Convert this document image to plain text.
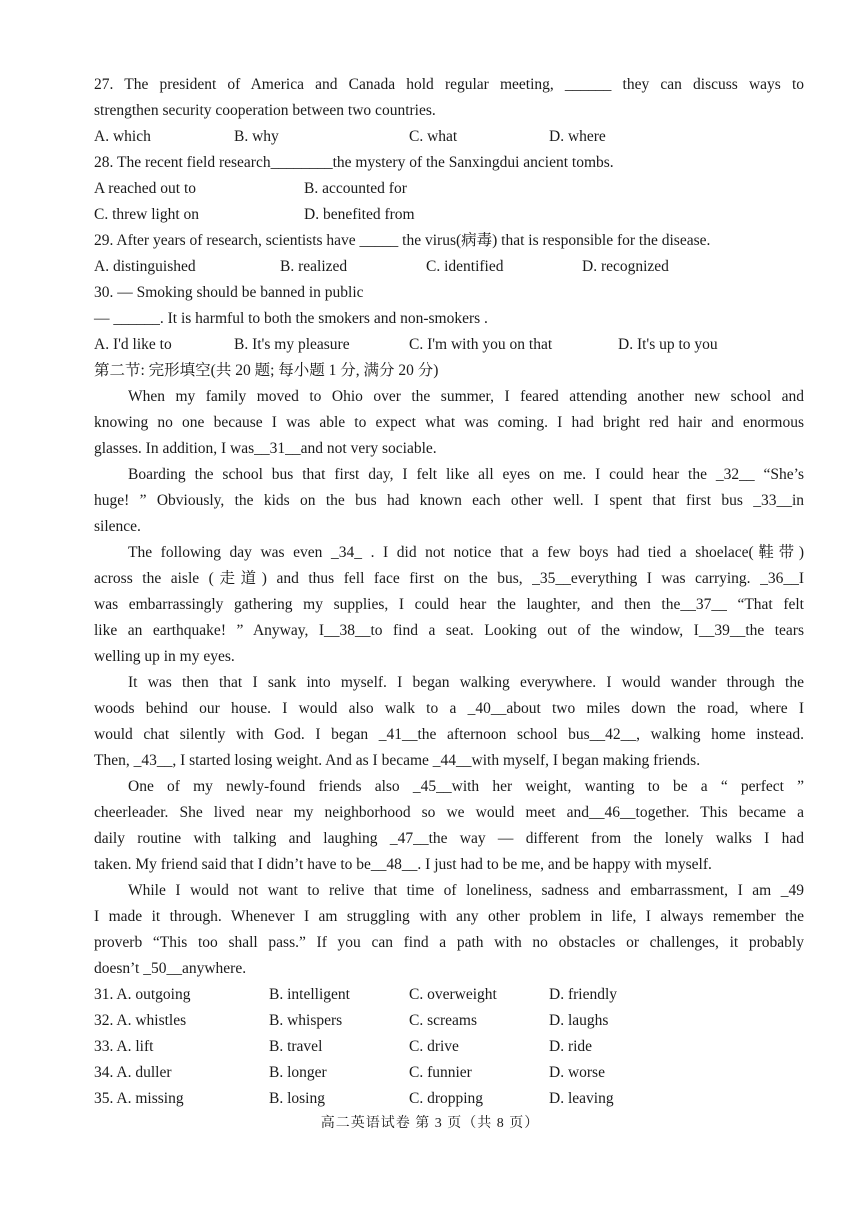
27. The president of America and Canada hold regular meeting, ______ they can discuss ways to
strengthen security cooperation between two countries.
A. which	B. why	C. what	D. where
28. The recent field research________the mystery of the Sanxingdui ancient tombs.
A reached out to	B. accounted for
C. threw light on	D. benefited from
29. After years of research, scientists have _____ the virus(病毒) that is responsible for the disease.
A. distinguished	B. realized	C. identified	D. recognized
30. — Smoking should be banned in public
— ______. It is harmful to both the smokers and non-smokers .
A. I'd like to	B. It's my pleasure	C. I'm with you on that	D. It's up to you
第二节: 完形填空(共 20 题; 每小题 1 分, 满分 20 分)
When my family moved to Ohio over the summer, I feared attending another new school and
knowing no one because I was able to expect what was coming. I had bright red hair and enormous
glasses. In addition, I was__31__and not very sociable.
Boarding the school bus that first day, I felt like all eyes on me. I could hear the _32__ “She’s
huge! ” Obviously, the kids on the bus had known each other well. I spent that first bus _33__in
silence.
The following day was even _34_ . I did not notice that a few boys had tied a shoelace(鞋带)
across the aisle (走道) and thus fell face first on the bus, _35__everything I was carrying. _36__I
was embarrassingly gathering my supplies, I could hear the laughter, and then the__37__ “That felt
like an earthquake! ” Anyway, I__38__to find a seat. Looking out of the window, I__39__the tears
welling up in my eyes.
It was then that I sank into myself. I began walking everywhere. I would wander through the
woods behind our house. I would also walk to a _40__about two miles down the road, where I
would chat silently with God. I began _41__the afternoon school bus__42__, walking home instead.
Then, _43__, I started losing weight. And as I became _44__with myself, I began making friends.
One of my newly-found friends also _45__with her weight, wanting to be a “ perfect ”
cheerleader. She lived near my neighborhood so we would meet and__46__together. This became a
daily routine with talking and laughing _47__the way — different from the lonely walks I had
taken. My friend said that I didn’t have to be__48__. I just had to be me, and be happy with myself.
While I would not want to relive that time of loneliness, sadness and embarrassment, I am _49
I made it through. Whenever I am struggling with any other problem in life, I always remember the
proverb “This too shall pass.” If you can find a path with no obstacles or challenges, it probably
doesn’t _50__anywhere.
31. A. outgoing	B. intelligent	C. overweight	D. friendly
32. A. whistles	B. whispers	C. screams	D. laughs
33. A. lift	B. travel	C. drive	D. ride
34. A. duller	B. longer	C. funnier	D. worse
35. A. missing	B. losing	C. dropping	D. leaving
高二英语试卷 第 3 页（共 8 页）
